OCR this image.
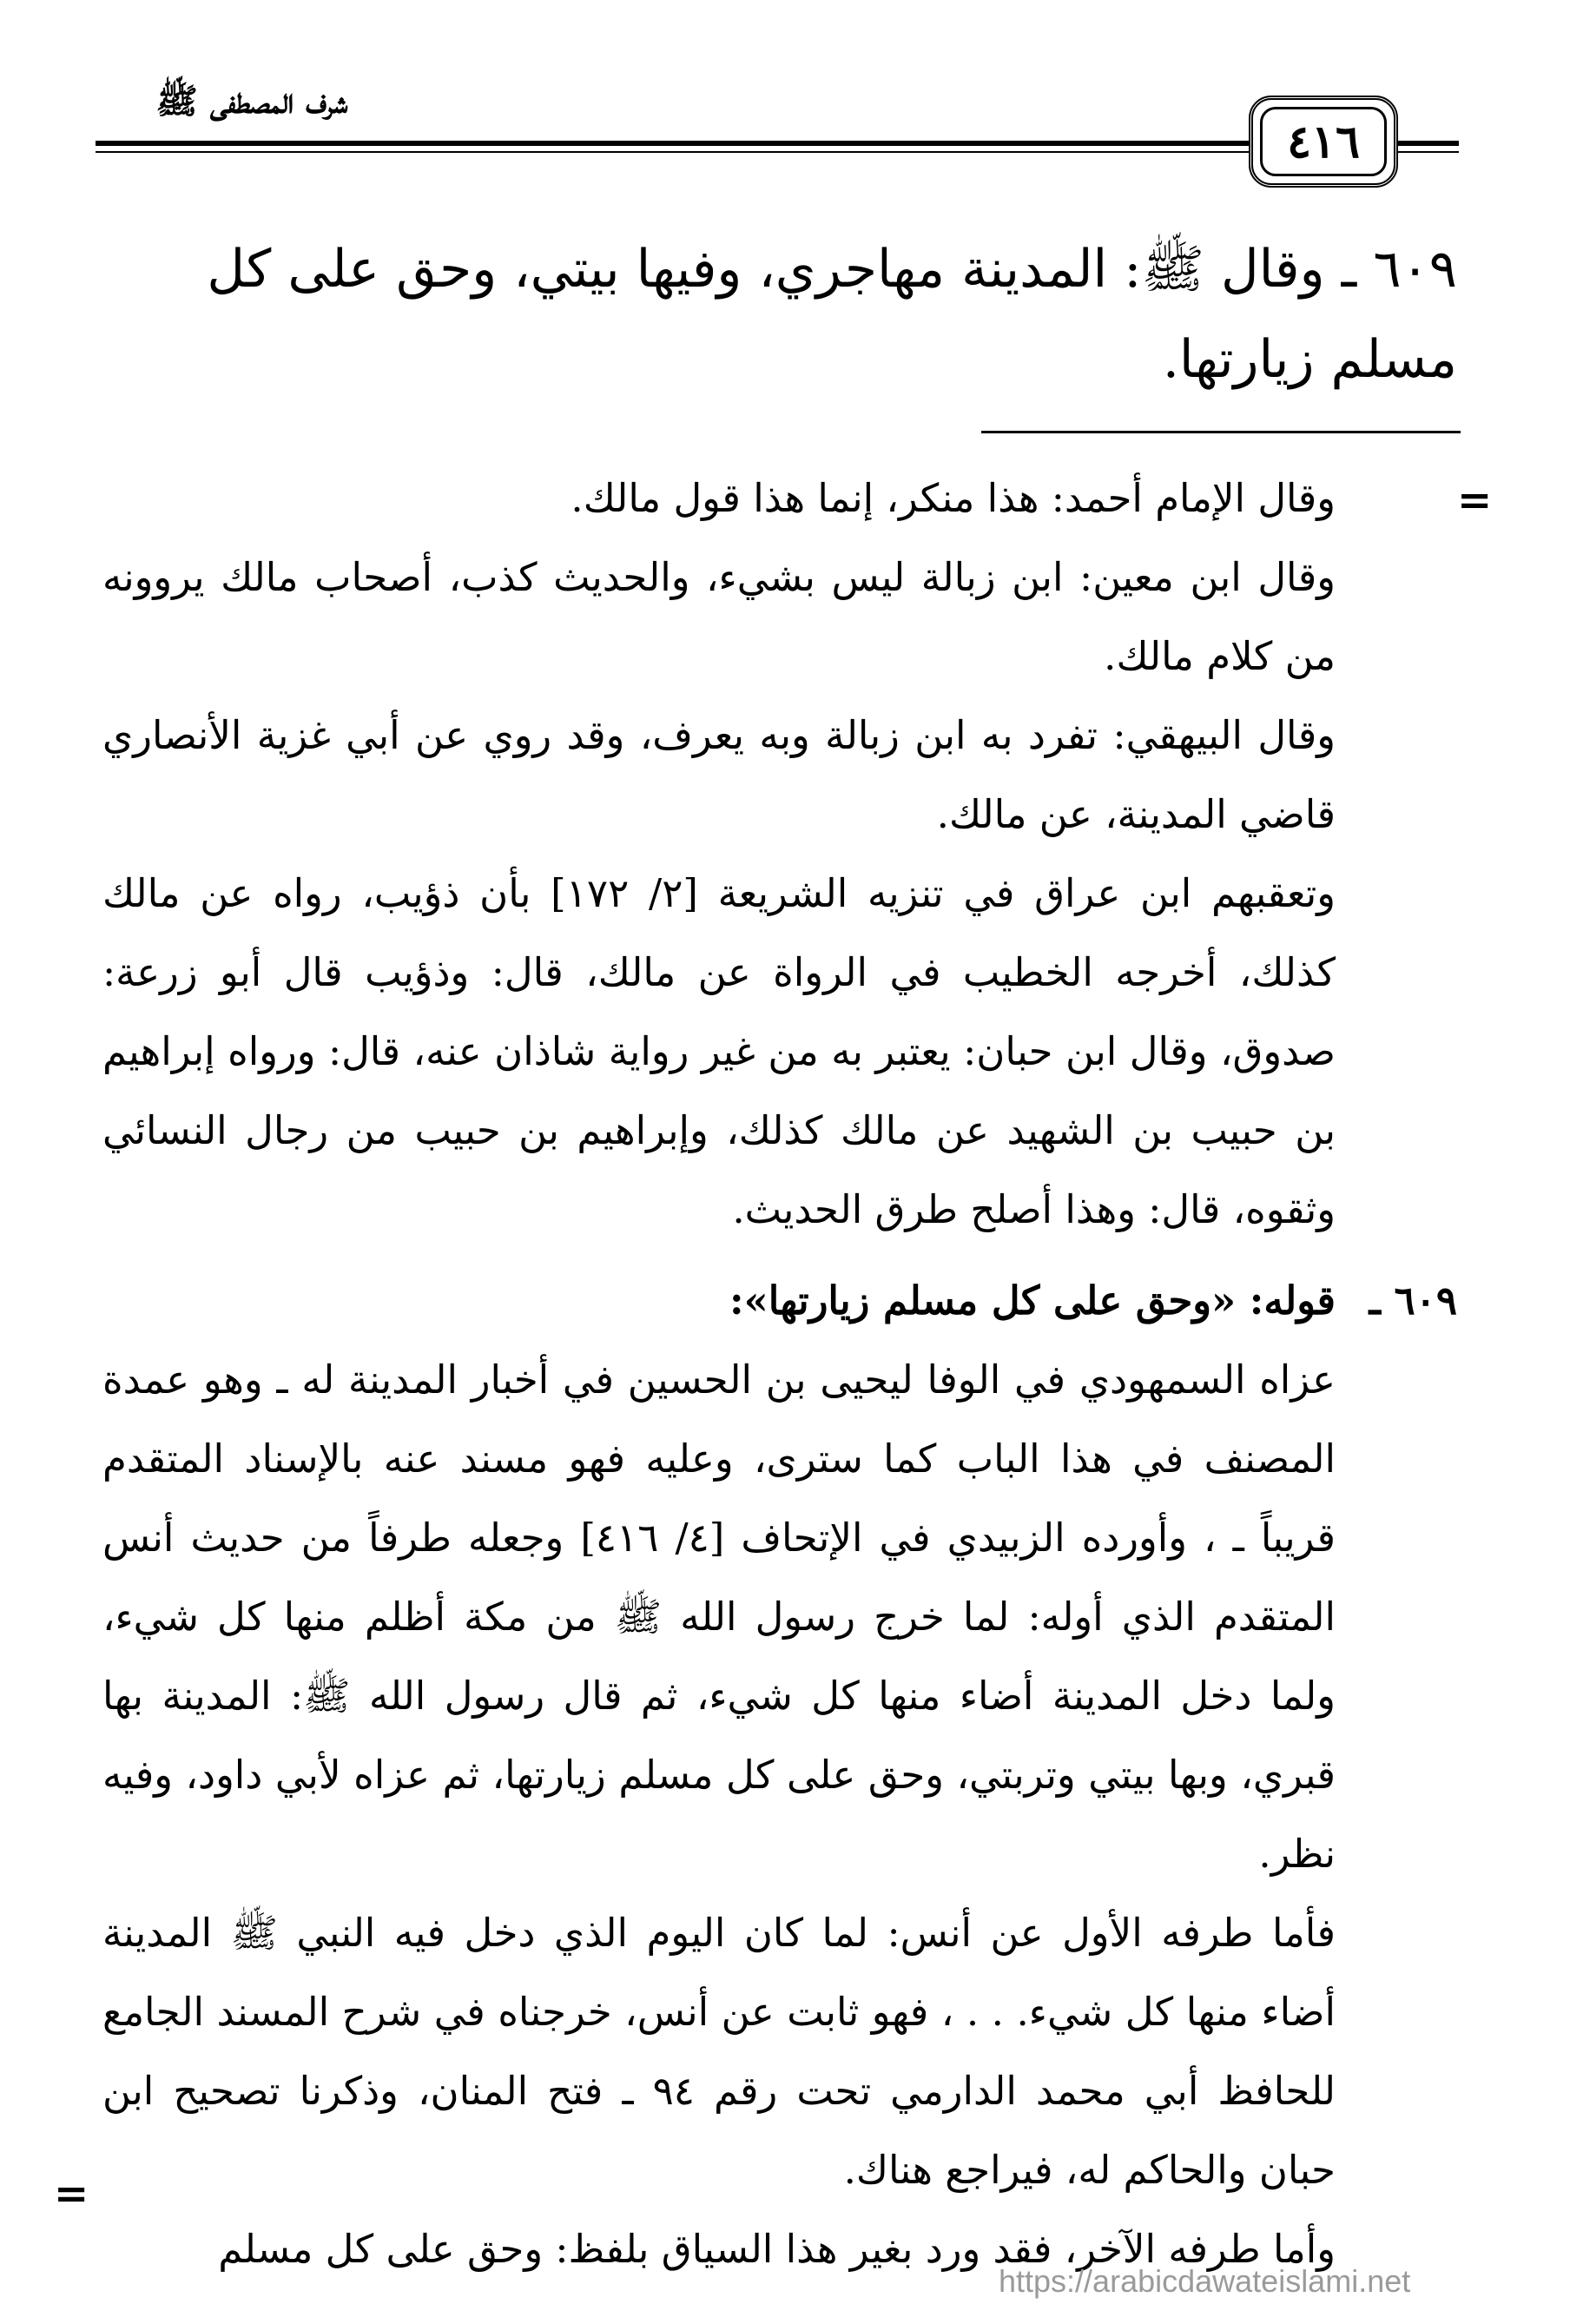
شرف المصطفى ﷺ
٤١٦

٦٠٩ ـ وقال ﷺ: المدينة مهاجري، وفيها بيتي، وحق على كل

مسلم زيارتها.

=

وقال الإمام أحمد: هذا منكر، إنما هذا قول مالك.

وقال ابن معين: ابن زبالة ليس بشيء، والحديث كذب، أصحاب مالك يروونه من كلام مالك.

وقال البيهقي: تفرد به ابن زبالة وبه يعرف، وقد روي عن أبي غزية الأنصاري قاضي المدينة، عن مالك.

وتعقبهم ابن عراق في تنزيه الشريعة [٢/ ١٧٢] بأن ذؤيب، رواه عن مالك كذلك، أخرجه الخطيب في الرواة عن مالك، قال: وذؤيب قال أبو زرعة: صدوق، وقال ابن حبان: يعتبر به من غير رواية شاذان عنه، قال: ورواه إبراهيم بن حبيب بن الشهيد عن مالك كذلك، وإبراهيم بن حبيب من رجال النسائي وثقوه، قال: وهذا أصلح طرق الحديث.

٦٠٩ ـ
قوله: «وحق على كل مسلم زيارتها»:

عزاه السمهودي في الوفا ليحيى بن الحسين في أخبار المدينة له ـ وهو عمدة المصنف في هذا الباب كما سترى، وعليه فهو مسند عنه بالإسناد المتقدم قريباً ـ ، وأورده الزبيدي في الإتحاف [٤/ ٤١٦] وجعله طرفاً من حديث أنس المتقدم الذي أوله: لما خرج رسول الله ﷺ من مكة أظلم منها كل شيء، ولما دخل المدينة أضاء منها كل شيء، ثم قال رسول الله ﷺ: المدينة بها قبري، وبها بيتي وتربتي، وحق على كل مسلم زيارتها، ثم عزاه لأبي داود، وفيه نظر.

فأما طرفه الأول عن أنس: لما كان اليوم الذي دخل فيه النبي ﷺ المدينة أضاء منها كل شيء. . . ، فهو ثابت عن أنس، خرجناه في شرح المسند الجامع للحافظ أبي محمد الدارمي تحت رقم ٩٤ ـ فتح المنان، وذكرنا تصحيح ابن حبان والحاكم له، فيراجع هناك.

وأما طرفه الآخر، فقد ورد بغير هذا السياق بلفظ: وحق على كل مسلم

=
https://arabicdawateislami.net
